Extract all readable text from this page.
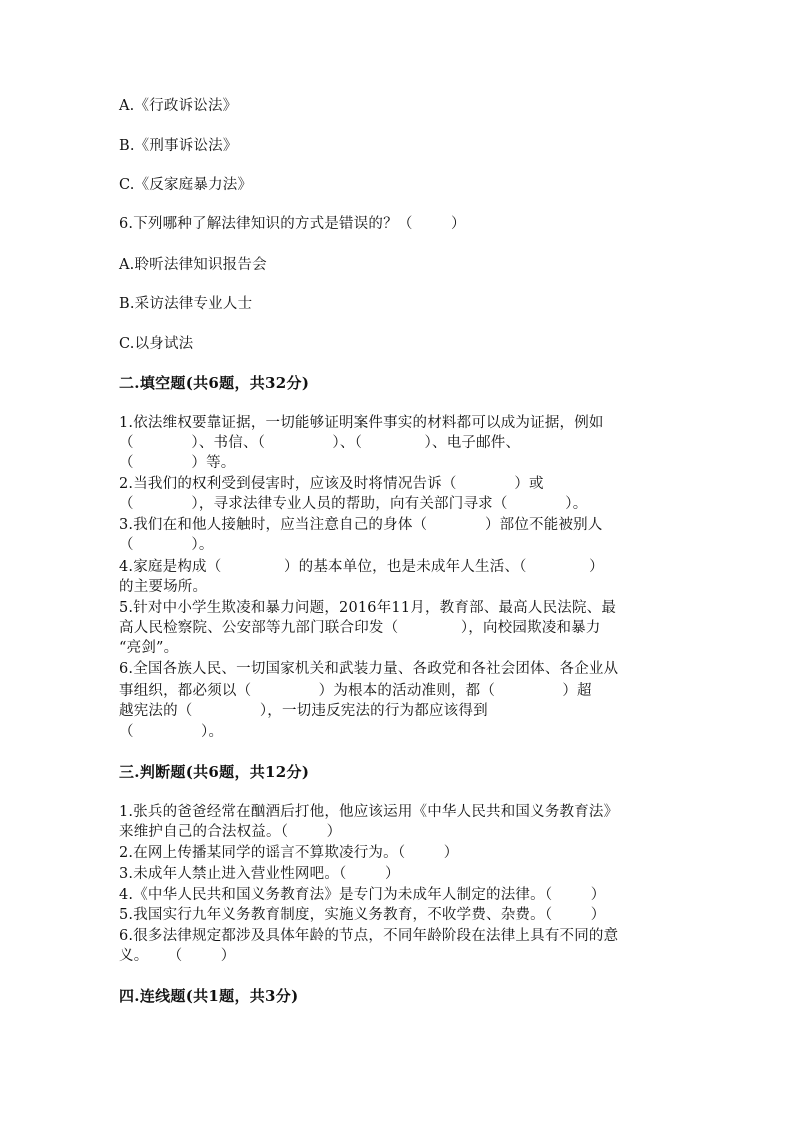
A.《行政诉讼法》
B.《刑事诉讼法》
C.《反家庭暴力法》
6.下列哪种了解法律知识的方式是错误的？（        ）
A.聆听法律知识报告会
B.采访法律专业人士
C.以身试法
二.填空题(共6题，共32分)
1.依法维权要靠证据，一切能够证明案件事实的材料都可以成为证据，例如
（            ）、书信、（              ）、（             ）、电子邮件、
（            ）等。
2.当我们的权利受到侵害时，应该及时将情况告诉（            ）或
（            ），寻求法律专业人员的帮助，向有关部门寻求（            ）。
3.我们在和他人接触时，应当注意自己的身体（            ）部位不能被别人
（            ）。
4.家庭是构成（             ）的基本单位，也是未成年人生活、（             ）
的主要场所。
5.针对中小学生欺凌和暴力问题，2016年11月，教育部、最高人民法院、最
高人民检察院、公安部等九部门联合印发（             ），向校园欺凌和暴力
“亮剑”。
6.全国各族人民、一切国家机关和武装力量、各政党和各社会团体、各企业从
事组织，都必须以（              ）为根本的活动准则，都（              ）超
越宪法的（              ），一切违反宪法的行为都应该得到
（              ）。
三.判断题(共6题，共12分)
1.张兵的爸爸经常在酗酒后打他，他应该运用《中华人民共和国义务教育法》
来维护自己的合法权益。（        ）
2.在网上传播某同学的谣言不算欺凌行为。（        ）
3.未成年人禁止进入营业性网吧。（        ）
4.《中华人民共和国义务教育法》是专门为未成年人制定的法律。（        ）
5.我国实行九年义务教育制度，实施义务教育，不收学费、杂费。（        ）
6.很多法律规定都涉及具体年龄的节点，不同年龄阶段在法律上具有不同的意
义。    （        ）
四.连线题(共1题，共3分)
